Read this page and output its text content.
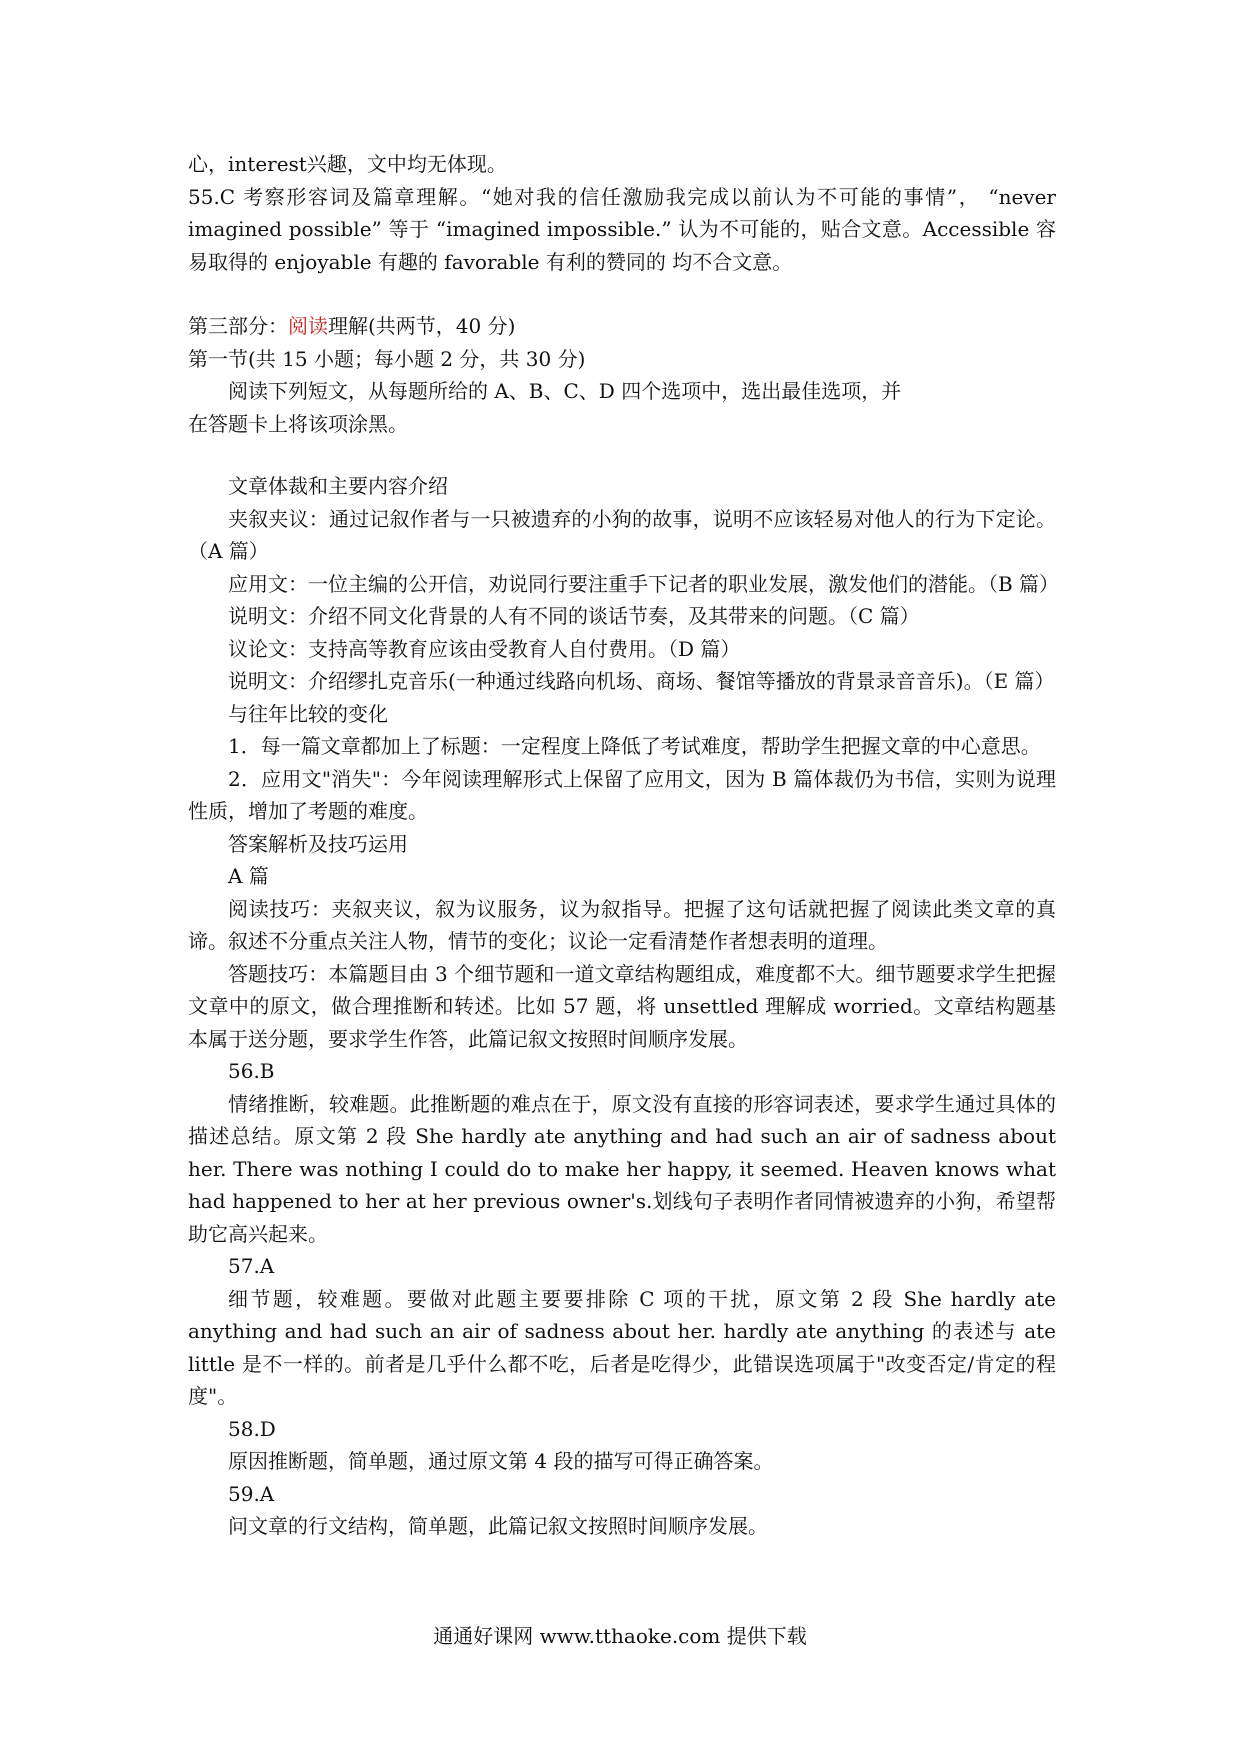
心，interest兴趣，文中均无体现。

55.C 考察形容词及篇章理解。“她对我的信任激励我完成以前认为不可能的事情”， “never imagined possible” 等于 “imagined impossible.” 认为不可能的，贴合文意。Accessible 容易取得的 enjoyable 有趣的 favorable 有利的赞同的 均不合文意。

第三部分：阅读理解(共两节，40 分)

第一节(共 15 小题；每小题 2 分，共 30 分)

阅读下列短文，从每题所给的 A、B、C、D 四个选项中，选出最佳选项，并

在答题卡上将该项涂黑。

文章体裁和主要内容介绍

夹叙夹议：通过记叙作者与一只被遗弃的小狗的故事，说明不应该轻易对他人的行为下定论。（A 篇）

应用文：一位主编的公开信，劝说同行要注重手下记者的职业发展，激发他们的潜能。（B 篇）

说明文：介绍不同文化背景的人有不同的谈话节奏，及其带来的问题。（C 篇）

议论文：支持高等教育应该由受教育人自付费用。（D 篇）

说明文：介绍缪扎克音乐(一种通过线路向机场、商场、餐馆等播放的背景录音音乐)。（E 篇）

与往年比较的变化

1．每一篇文章都加上了标题：一定程度上降低了考试难度，帮助学生把握文章的中心意思。

2．应用文"消失"：今年阅读理解形式上保留了应用文，因为 B 篇体裁仍为书信，实则为说理性质，增加了考题的难度。

答案解析及技巧运用

A 篇

阅读技巧：夹叙夹议，叙为议服务，议为叙指导。把握了这句话就把握了阅读此类文章的真谛。叙述不分重点关注人物，情节的变化；议论一定看清楚作者想表明的道理。

答题技巧：本篇题目由 3 个细节题和一道文章结构题组成，难度都不大。细节题要求学生把握文章中的原文，做合理推断和转述。比如 57 题，将 unsettled 理解成 worried。文章结构题基本属于送分题，要求学生作答，此篇记叙文按照时间顺序发展。

56.B

情绪推断，较难题。此推断题的难点在于，原文没有直接的形容词表述，要求学生通过具体的描述总结。原文第 2 段 She hardly ate anything and had such an air of sadness about her. There was nothing I could do to make her happy, it seemed. Heaven knows what had happened to her at her previous owner's.划线句子表明作者同情被遗弃的小狗，希望帮助它高兴起来。

57.A

细节题，较难题。要做对此题主要要排除 C 项的干扰，原文第 2 段 She hardly ate anything and had such an air of sadness about her. hardly ate anything 的表述与 ate little 是不一样的。前者是几乎什么都不吃，后者是吃得少，此错误选项属于"改变否定/肯定的程度"。

58.D

原因推断题，简单题，通过原文第 4 段的描写可得正确答案。

59.A

问文章的行文结构，简单题，此篇记叙文按照时间顺序发展。

通通好课网 www.tthaoke.com 提供下载
